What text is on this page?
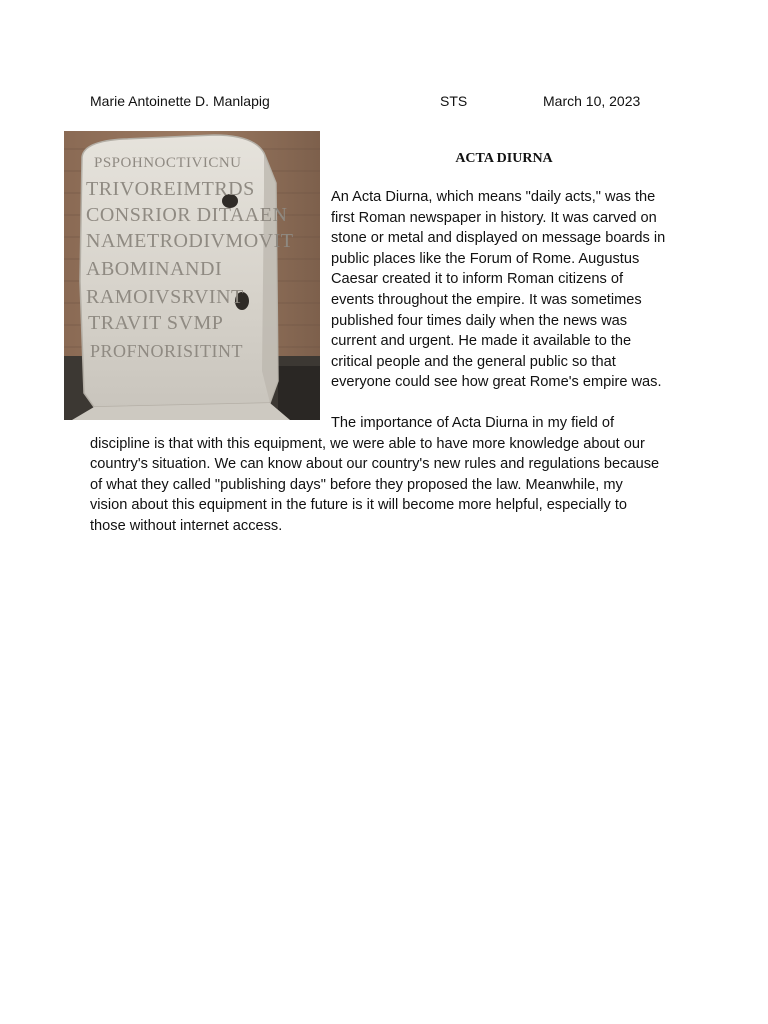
Marie Antoinette D. Manlapig	STS	March 10, 2023
PSPOHNOCTIVICNU
TRIVOREIMTRDS
CONSRIOR DITAAEN
NAMETRODIVMOVIT
ABOMINANDI
RAMOIVSRVINT
TRAVIT SVMP
PROFNORISITINT
ACTA DIURNA
An Acta Diurna, which means "daily acts," was the
first Roman newspaper in history. It was carved on
stone or metal and displayed on message boards in
public places like the Forum of Rome. Augustus
Caesar created it to inform Roman citizens of
events throughout the empire. It was sometimes
published four times daily when the news was
current and urgent. He made it available to the
critical people and the general public so that
everyone could see how great Rome's empire was.
The importance of Acta Diurna in my field of
discipline is that with this equipment, we were able to have more knowledge about our
country's situation. We can know about our country's new rules and regulations because
of what they called "publishing days" before they proposed the law. Meanwhile, my
vision about this equipment in the future is it will become more helpful, especially to
those without internet access.
